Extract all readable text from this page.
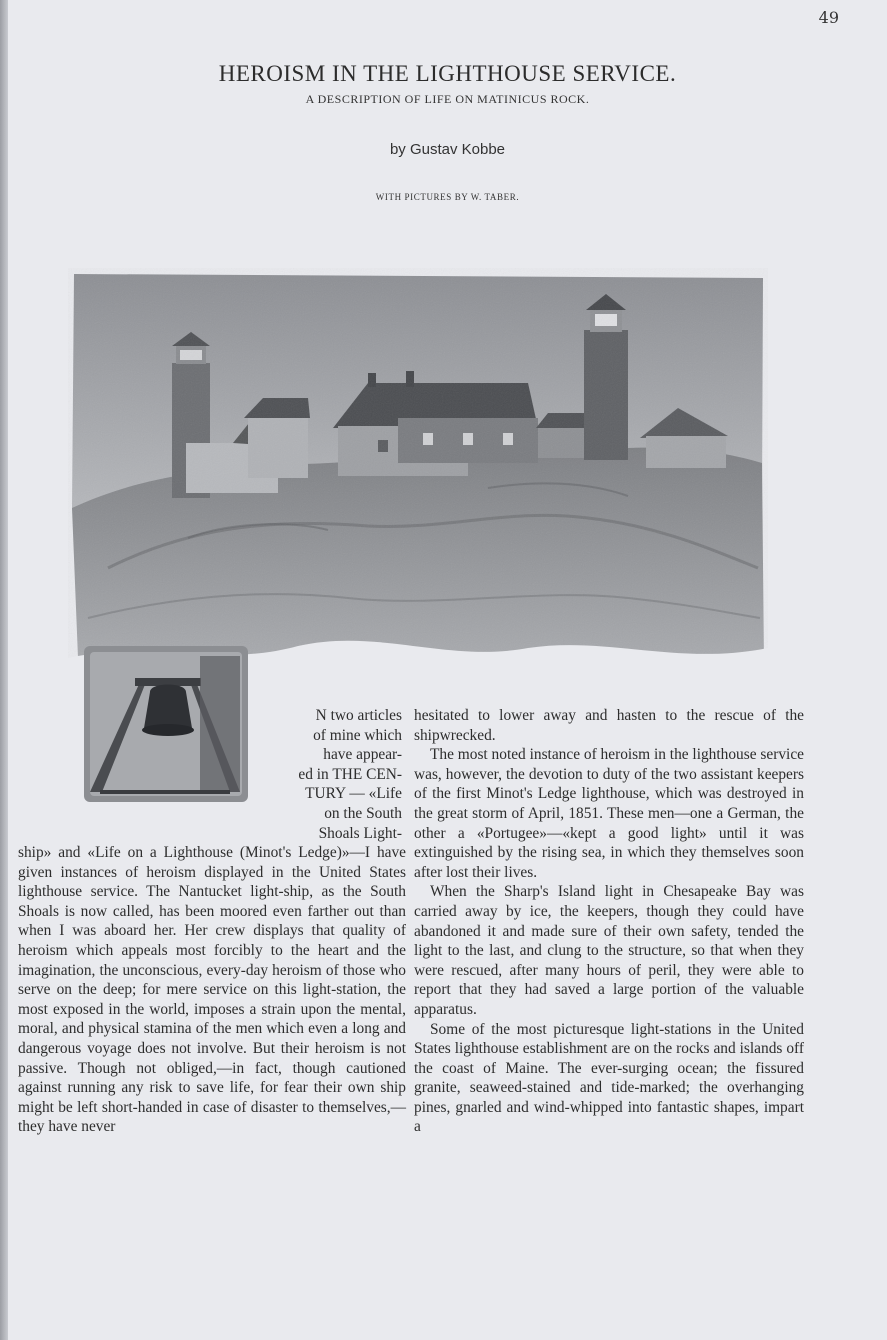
49
HEROISM IN THE LIGHTHOUSE SERVICE.
A DESCRIPTION OF LIFE ON MATINICUS ROCK.
by Gustav Kobbe
WITH PICTURES BY W. TABER.

N two articles
of mine which
have appear-
ed in THE CEN-
TURY — «Life
on the South
Shoals Light-

ship» and «Life on a Lighthouse (Minot's Ledge)»—I have given instances of heroism displayed in the United States lighthouse service. The Nantucket light-ship, as the South Shoals is now called, has been moored even farther out than when I was aboard her. Her crew displays that quality of heroism which appeals most forcibly to the heart and the imagination, the unconscious, every-day heroism of those who serve on the deep; for mere service on this light-station, the most exposed in the world, imposes a strain upon the mental, moral, and physical stamina of the men which even a long and dangerous voyage does not involve. But their heroism is not passive. Though not obliged,—in fact, though cautioned against running any risk to save life, for fear their own ship might be left short-handed in case of disaster to themselves,—they have never

hesitated to lower away and hasten to the rescue of the shipwrecked.

The most noted instance of heroism in the lighthouse service was, however, the devotion to duty of the two assistant keepers of the first Minot's Ledge lighthouse, which was destroyed in the great storm of April, 1851. These men—one a German, the other a «Portugee»—«kept a good light» until it was extinguished by the rising sea, in which they themselves soon after lost their lives.

When the Sharp's Island light in Chesapeake Bay was carried away by ice, the keepers, though they could have abandoned it and made sure of their own safety, tended the light to the last, and clung to the structure, so that when they were rescued, after many hours of peril, they were able to report that they had saved a large portion of the valuable apparatus.

Some of the most picturesque light-stations in the United States lighthouse establishment are on the rocks and islands off the coast of Maine. The ever-surging ocean; the fissured granite, seaweed-stained and tide-marked; the overhanging pines, gnarled and wind-whipped into fantastic shapes, impart a
